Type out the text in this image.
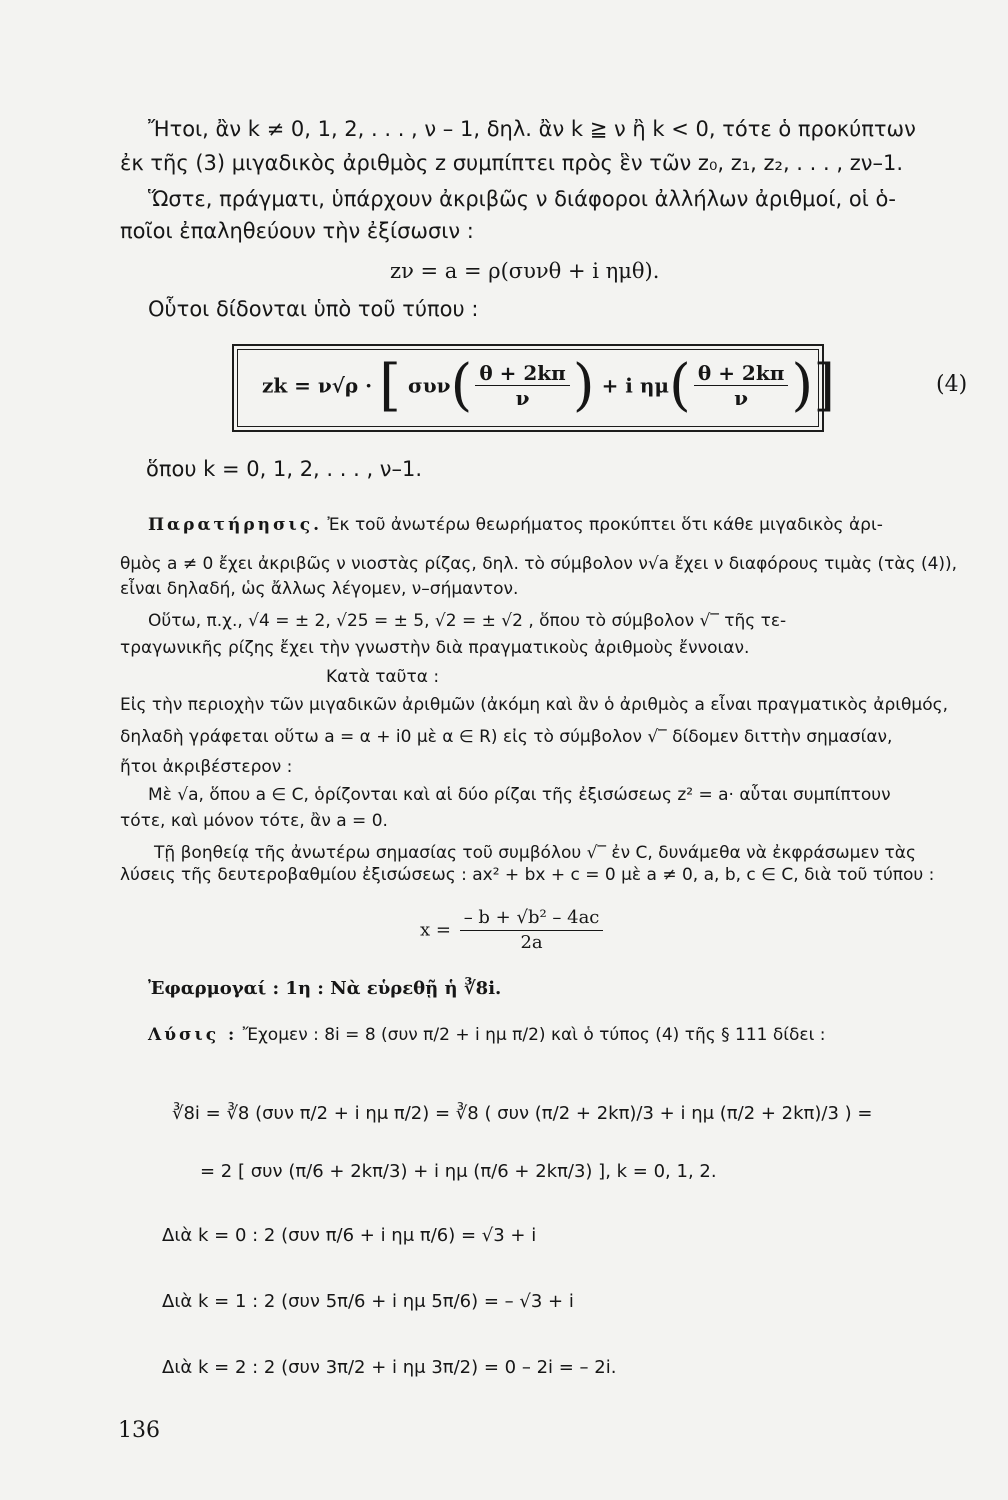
Ἤτοι, ἂν k ≠ 0, 1, 2, . . . , ν – 1, δηλ. ἂν k ≧ ν ἢ k < 0, τότε ὁ προκύπτων
ἐκ τῆς (3) μιγαδικὸς ἀριθμὸς z συμπίπτει πρὸς ἓν τῶν z₀, z₁, z₂, . . . , zν–1.
Ὥστε, πράγματι, ὑπάρχουν ἀκριβῶς ν διάφοροι ἀλλήλων ἀριθμοί, οἱ ὁ-
ποῖοι ἐπαληθεύουν τὴν ἐξίσωσιν :
zν = a = ρ(συνθ + i ημθ).
Οὗτοι δίδονται ὑπὸ τοῦ τύπου :
zk = ν√ρ · [ $\sigma\upsilon\nu( \frac{\theta + 2k\pi}{\nu}$ ) + i $\eta\mu( \frac{\theta + 2k\pi}{\nu}$ )]	(4)
ὅπου k = 0, 1, 2, . . . , ν–1.
Παρατήρησις. Ἐκ τοῦ ἀνωτέρω θεωρήματος προκύπτει ὅτι κάθε μιγαδικὸς ἀρι-
θμὸς a ≠ 0 ἔχει ἀκριβῶς ν νιοστὰς ρίζας, δηλ. τὸ σύμβολον ν√a ἔχει ν διαφόρους τιμὰς (τὰς (4)),
εἶναι δηλαδή, ὡς ἄλλως λέγομεν, ν–σήμαντον.
Οὕτω, π.χ., √4 = ± 2, √25 = ± 5, √2 = ± √2 , ὅπου τὸ σύμβολον √‾ τῆς τε-
τραγωνικῆς ρίζης ἔχει τὴν γνωστὴν διὰ πραγματικοὺς ἀριθμοὺς ἔννοιαν.
Κατὰ ταῦτα :
Εἰς τὴν περιοχὴν τῶν μιγαδικῶν ἀριθμῶν (ἀκόμη καὶ ἂν ὁ ἀριθμὸς a εἶναι πραγματικὸς ἀριθμός,
δηλαδὴ γράφεται οὕτω a = α + i0 μὲ α ∈ R) εἰς τὸ σύμβολον √‾ δίδομεν διττὴν σημασίαν,
ἤτοι ἀκριβέστερον :
Μὲ √a, ὅπου a ∈ C, ὁρίζονται καὶ αἱ δύο ρίζαι τῆς ἐξισώσεως z² = a· αὗται συμπίπτουν
τότε, καὶ μόνον τότε, ἂν a = 0.
Τῇ βοηθείᾳ τῆς ἀνωτέρω σημασίας τοῦ συμβόλου √‾ ἐν C, δυνάμεθα νὰ ἐκφράσωμεν τὰς
λύσεις τῆς δευτεροβαθμίου ἐξισώσεως : ax² + bx + c = 0 μὲ a ≠ 0, a, b, c ∈ C, διὰ τοῦ τύπου :
$x = \frac{\text{– b + √b² – 4ac}}{2a}$
Ἐφαρμογαί : 1η : Νὰ εὑρεθῇ ἡ ∛8i.
Λύσις : Ἔχομεν : 8i = 8 (συν π/2 + i ημ π/2) καὶ ὁ τύπος (4) τῆς § 111 δίδει :
∛8i = ∛8 (συν π/2 + i ημ π/2) = ∛8 ( συν (π/2 + 2kπ)/3 + i ημ (π/2 + 2kπ)/3 ) =
= 2 [ συν (π/6 + 2kπ/3) + i ημ (π/6 + 2kπ/3) ], k = 0, 1, 2.
Διὰ k = 0 : 2 (συν π/6 + i ημ π/6) = √3 + i
Διὰ k = 1 : 2 (συν 5π/6 + i ημ 5π/6) = – √3 + i
Διὰ k = 2 : 2 (συν 3π/2 + i ημ 3π/2) = 0 – 2i = – 2i.
136
